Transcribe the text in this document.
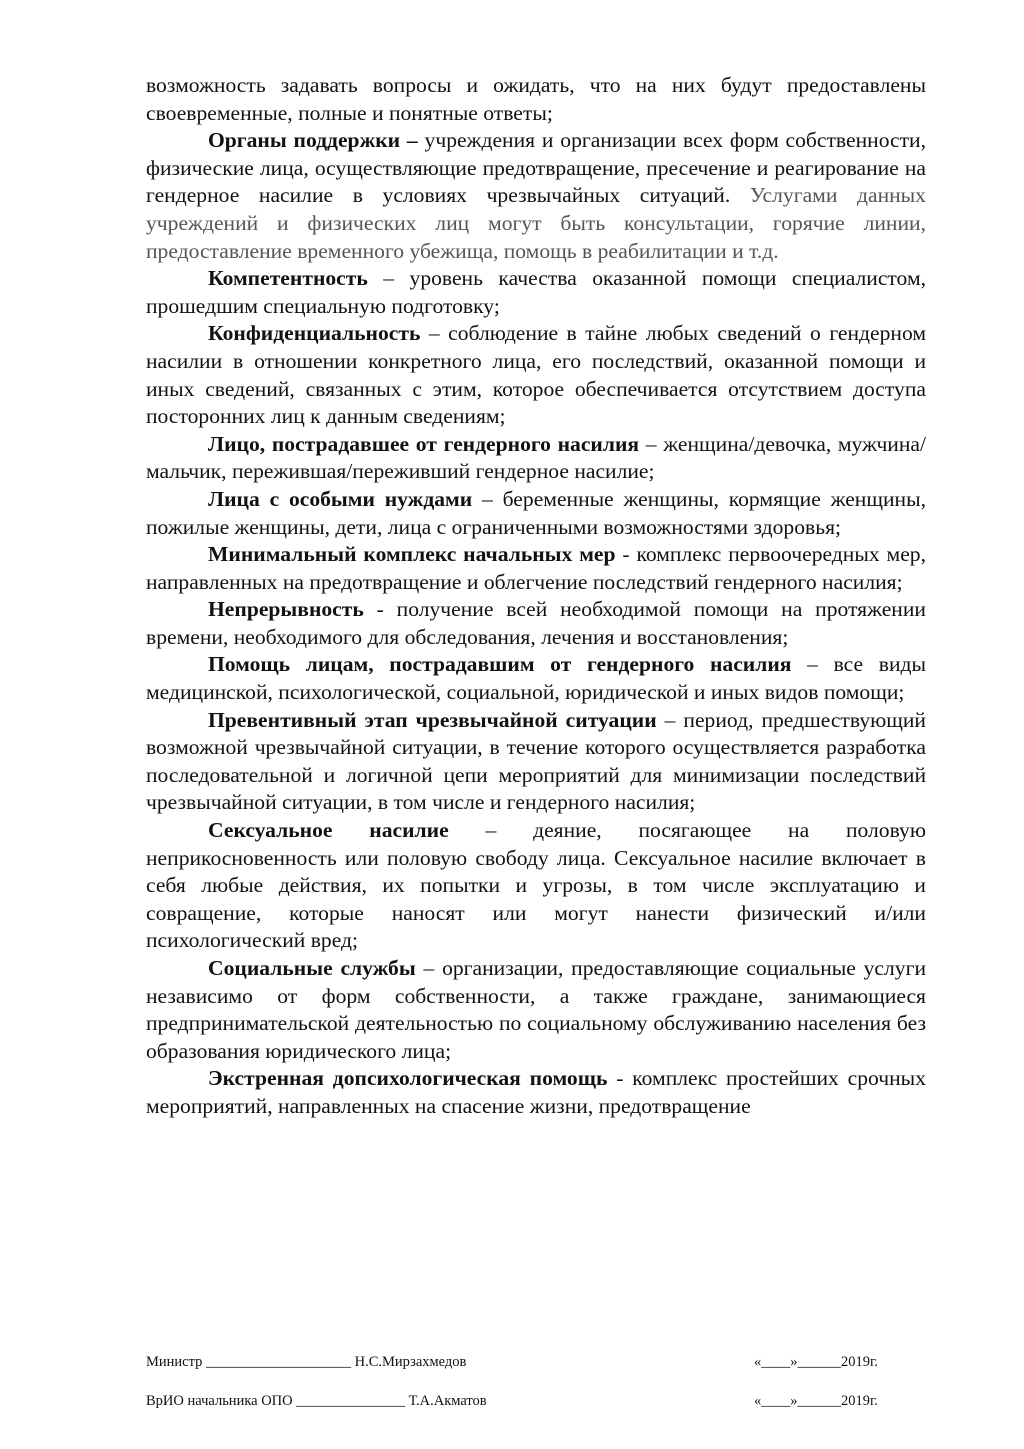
возможность задавать вопросы и ожидать, что на них будут предоставлены своевременные, полные и понятные ответы;

Органы поддержки – учреждения и организации всех форм собственности, физические лица, осуществляющие предотвращение, пресечение и реагирование на гендерное насилие в условиях чрезвычайных ситуаций. Услугами данных учреждений и физических лиц могут быть консультации, горячие линии, предоставление временного убежища, помощь в реабилитации и т.д.

Компетентность – уровень качества оказанной помощи специалистом, прошедшим специальную подготовку;

Конфиденциальность – соблюдение в тайне любых сведений о гендерном насилии в отношении конкретного лица, его последствий, оказанной помощи и иных сведений, связанных с этим, которое обеспечивается отсутствием доступа посторонних лиц к данным сведениям;

Лицо, пострадавшее от гендерного насилия – женщина/девочка, мужчина/мальчик, пережившая/переживший гендерное насилие;

Лица с особыми нуждами – беременные женщины, кормящие женщины, пожилые женщины, дети, лица с ограниченными возможностями здоровья;

Минимальный комплекс начальных мер - комплекс первоочередных мер, направленных на предотвращение и облегчение последствий гендерного насилия;

Непрерывность - получение всей необходимой помощи на протяжении времени, необходимого для обследования, лечения и восстановления;

Помощь лицам, пострадавшим от гендерного насилия – все виды медицинской, психологической, социальной, юридической и иных видов помощи;

Превентивный этап чрезвычайной ситуации – период, предшествующий возможной чрезвычайной ситуации, в течение которого осуществляется разработка последовательной и логичной цепи мероприятий для минимизации последствий чрезвычайной ситуации, в том числе и гендерного насилия;

Сексуальное насилие – деяние, посягающее на половую неприкосновенность или половую свободу лица. Сексуальное насилие включает в себя любые действия, их попытки и угрозы, в том числе эксплуатацию и совращение, которые наносят или могут нанести физический и/или психологический вред;

Социальные службы – организации, предоставляющие социальные услуги независимо от форм собственности, а также граждане, занимающиеся предпринимательской деятельностью по социальному обслуживанию населения без образования юридического лица;

Экстренная допсихологическая помощь - комплекс простейших срочных мероприятий, направленных на спасение жизни, предотвращение

Министр ____________________ Н.С.Мирзахмедов	«____»______2019г.
ВрИО начальника ОПО _______________ Т.А.Акматов	«____»______2019г.
